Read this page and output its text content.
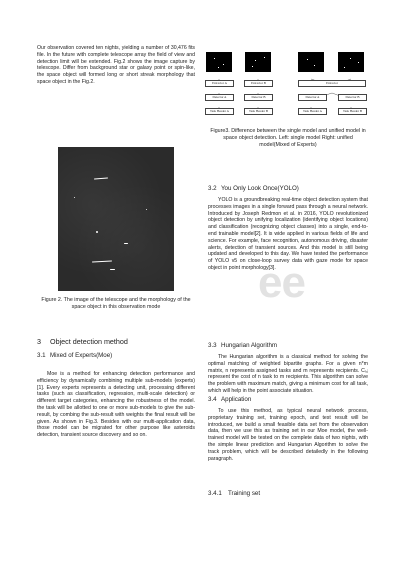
Our observation covered ten nights, yielding a number of 30,476 fits file. In the future with complete telescope array the field of view and detection limit will be extended. Fig.2 shows the image capture by telescope. Differ from background star or galaxy point or spin-like, the space object will formed long or short streak morphology that space object in the Fig.2.

Figure 2. The image of the telescope and the morphology of the space object in this observation mode

3 Object detection method
3.1 Mixed of Experts(Moe)

Moe is a method for enhancing detection performance and efficiency by dynamically combining multiple sub-models (experts)[1]. Every experts represents a detecting unit, processing different tasks (such as classification, regression, multi-scale detection) or different target categories, enhancing the robustness of the model. the task will be allotted to one or more sub-models to give the sub-result, by combing the sub-result with weights the final result will be given. As shown in Fig.3. Besides with our multi-application data, those model can be migrated for other purpose like asteroids detection, transient source discovery and so on.

Extractor A	Extractor B
Detector A	Detector B
Task Header A	Task Header B
Extractor
Detector A	Detector B
Task Header A	Task Header B

Figure3. Difference between the single model and unified model in space object detection. Left: single model Right: unified model(Mixed of Experts)

3.2 You Only Look Once(YOLO)

YOLO is a groundbreaking real-time object detection system that processes images in a single forward pass through a neural network. Introduced by Joseph Redmon et al. in 2016, YOLO revolutionized object detection by unifying localization (identifying object locations) and classification (recognizing object classes) into a single, end-to-end trainable model[2]. It is wide applied in various fields of life and science. For example, face recognition, autonomous driving, disaster alerts, detection of transient sources. And this model is still being updated and developed to this day. We have tested the performance of YOLO v5 on close-loop survey data with gaze mode for space object in point morphology[3].

3.3 Hungarian Algorithm

The Hungarian algorithm is a classical method for solving the optimal matching of weighted bipartite graphs. For a given n*m matrix, n represents assigned tasks and m represents recipients. Cᵢ,ⱼ represent the cost of n task to m recipients. This algorithm can solve the problem with maximum match, giving a minimum cost for all task, which will help in the point associate situation.

3.4 Application

To use this method, as typical neural network process, proprietary training set, training epoch, and test result will be introduced, we build a small feasible data set from the observation data, then we use this as training set in our Moe model, the well-trained model will be tested on the complete data of two nights, with the simple linear prediction and Hungarian Algorithm to solve the track problem, which will be described detailedly in the following paragraph.

3.4.1 Training set
ee
